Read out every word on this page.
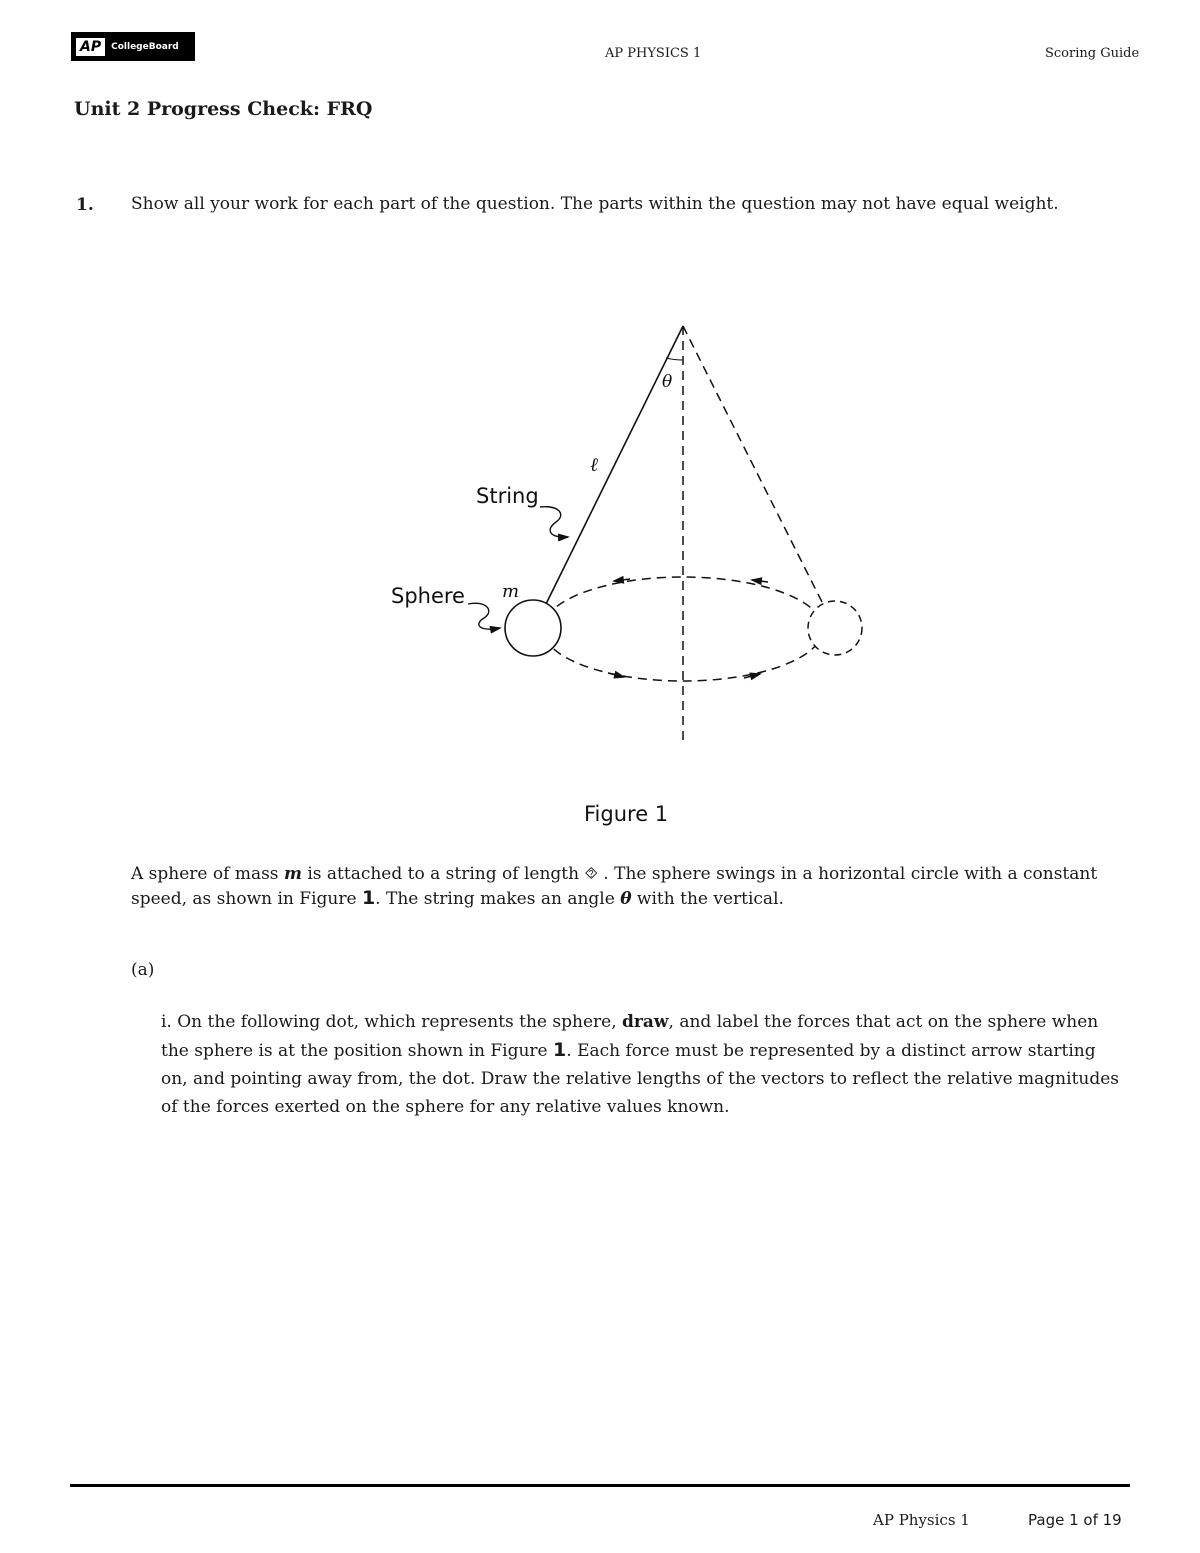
AP	CollegeBoard	AP PHYSICS 1	Scoring Guide
Unit 2 Progress Check: FRQ
1. Show all your work for each part of the question. The parts within the question may not have equal weight.
θ
ℓ
String
Sphere m
Figure 1
A sphere of mass m is attached to a string of length ⯑ . The sphere swings in a horizontal circle with a constant speed, as shown in Figure 1. The string makes an angle θ with the vertical.
(a)
i. On the following dot, which represents the sphere, draw, and label the forces that act on the sphere when the sphere is at the position shown in Figure 1. Each force must be represented by a distinct arrow starting on, and pointing away from, the dot. Draw the relative lengths of the vectors to reflect the relative magnitudes of the forces exerted on the sphere for any relative values known.
AP Physics 1	Page 1 of 19
